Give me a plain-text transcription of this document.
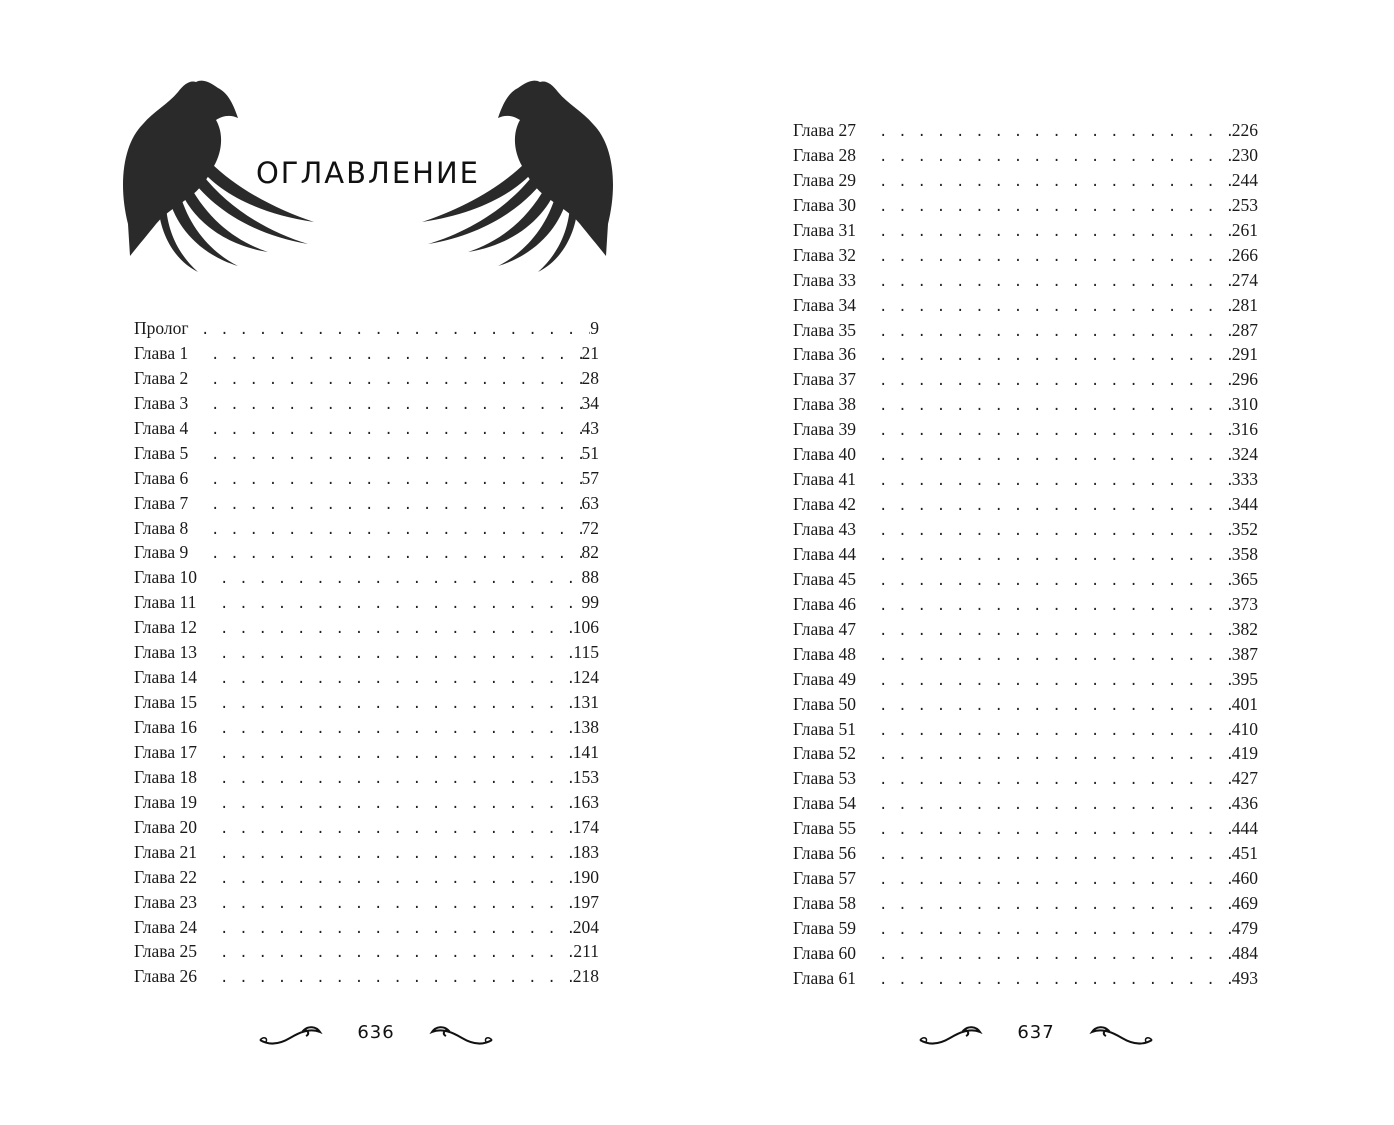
ОГЛАВЛЕНИЕ
Пролог . . .	9
Глава 1 . . .	21
Глава 2 . . .	28
Глава 3 . . .	34
Глава 4 . . .	43
Глава 5 . . .	51
Глава 6 . . .	57
Глава 7 . . .	63
Глава 8 . . .	72
Глава 9 . . .	82
Глава 10 . . .	88
Глава 11 . . .	99
Глава 12 . . .	106
Глава 13 . . .	115
Глава 14 . . .	124
Глава 15 . . .	131
Глава 16 . . .	138
Глава 17 . . .	141
Глава 18 . . .	153
Глава 19 . . .	163
Глава 20 . . .	174
Глава 21 . . .	183
Глава 22 . . .	190
Глава 23 . . .	197
Глава 24 . . .	204
Глава 25 . . .	211
Глава 26 . . .	218
636
Глава 27 . . .	226
Глава 28 . . .	230
Глава 29 . . .	244
Глава 30 . . .	253
Глава 31 . . .	261
Глава 32 . . .	266
Глава 33 . . .	274
Глава 34 . . .	281
Глава 35 . . .	287
Глава 36 . . .	291
Глава 37 . . .	296
Глава 38 . . .	310
Глава 39 . . .	316
Глава 40 . . .	324
Глава 41 . . .	333
Глава 42 . . .	344
Глава 43 . . .	352
Глава 44 . . .	358
Глава 45 . . .	365
Глава 46 . . .	373
Глава 47 . . .	382
Глава 48 . . .	387
Глава 49 . . .	395
Глава 50 . . .	401
Глава 51 . . .	410
Глава 52 . . .	419
Глава 53 . . .	427
Глава 54 . . .	436
Глава 55 . . .	444
Глава 56 . . .	451
Глава 57 . . .	460
Глава 58 . . .	469
Глава 59 . . .	479
Глава 60 . . .	484
Глава 61 . . .	493
637
